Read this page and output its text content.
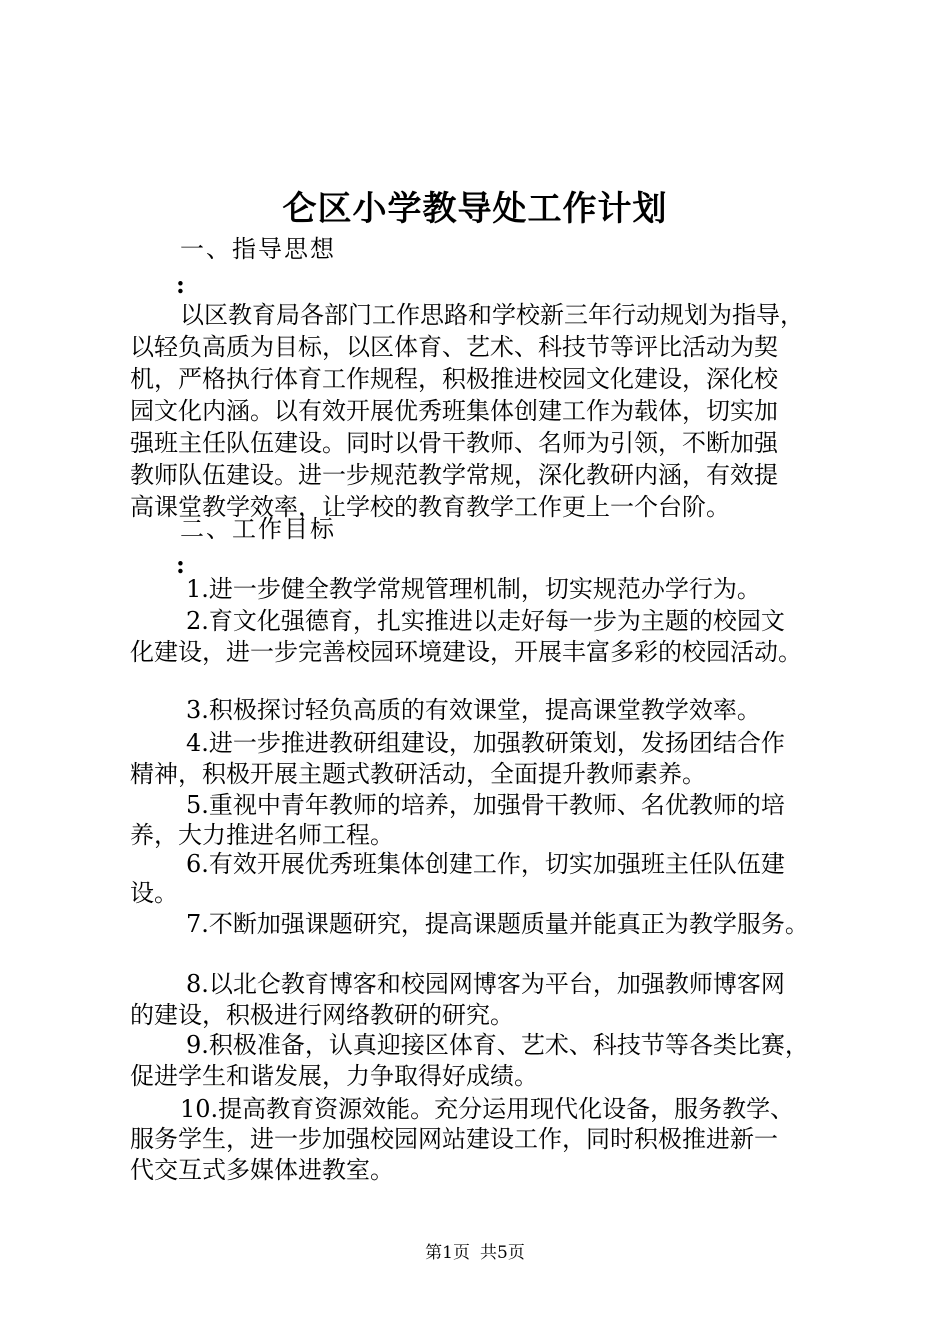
仑区小学教导处工作计划

一、指导思想

:

以区教育局各部门工作思路和学校新三年行动规划为指导，

以轻负高质为目标，以区体育、艺术、科技节等评比活动为契

机，严格执行体育工作规程，积极推进校园文化建设，深化校

园文化内涵。以有效开展优秀班集体创建工作为载体，切实加

强班主任队伍建设。同时以骨干教师、名师为引领，不断加强

教师队伍建设。进一步规范教学常规，深化教研内涵，有效提

高课堂教学效率，让学校的教育教学工作更上一个台阶。

二、工作目标

:

1.进一步健全教学常规管理机制，切实规范办学行为。

2.育文化强德育，扎实推进以走好每一步为主题的校园文

化建设，进一步完善校园环境建设，开展丰富多彩的校园活动。

3.积极探讨轻负高质的有效课堂，提高课堂教学效率。

4.进一步推进教研组建设，加强教研策划，发扬团结合作

精神，积极开展主题式教研活动，全面提升教师素养。

5.重视中青年教师的培养，加强骨干教师、名优教师的培

养，大力推进名师工程。

6.有效开展优秀班集体创建工作，切实加强班主任队伍建

设。

7.不断加强课题研究，提高课题质量并能真正为教学服务。

8.以北仑教育博客和校园网博客为平台，加强教师博客网

的建设，积极进行网络教研的研究。

9.积极准备，认真迎接区体育、艺术、科技节等各类比赛，

促进学生和谐发展，力争取得好成绩。

10.提高教育资源效能。充分运用现代化设备，服务教学、

服务学生，进一步加强校园网站建设工作，同时积极推进新一

代交互式多媒体进教室。

第1页 共5页
